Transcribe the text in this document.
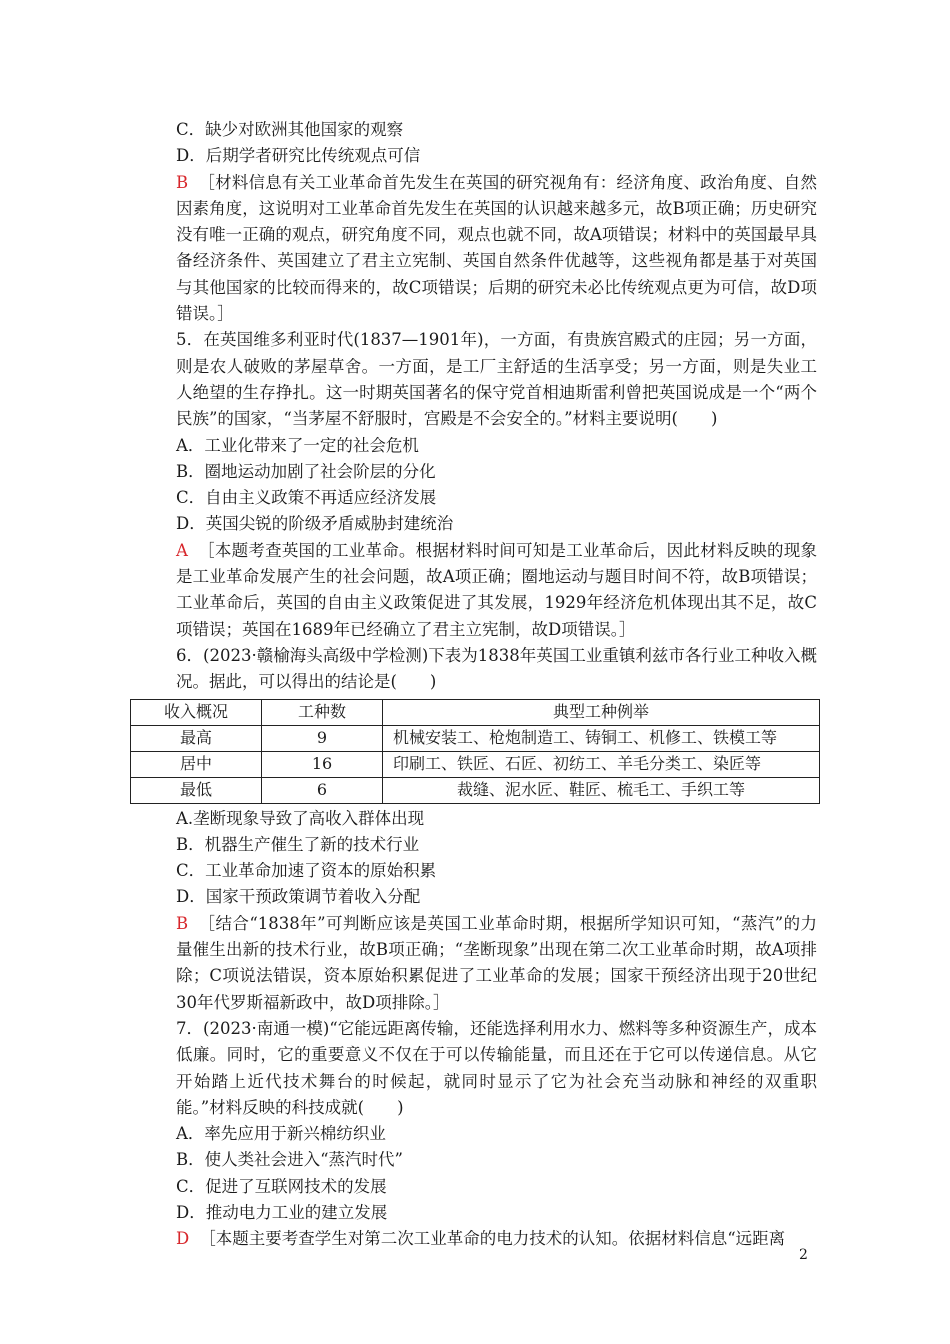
C．缺少对欧洲其他国家的观察

D．后期学者研究比传统观点可信

B ［材料信息有关工业革命首先发生在英国的研究视角有：经济角度、政治角度、自然因素角度，这说明对工业革命首先发生在英国的认识越来越多元，故B项正确；历史研究没有唯一正确的观点，研究角度不同，观点也就不同，故A项错误；材料中的英国最早具备经济条件、英国建立了君主立宪制、英国自然条件优越等，这些视角都是基于对英国与其他国家的比较而得来的，故C项错误；后期的研究未必比传统观点更为可信，故D项错误。］

5．在英国维多利亚时代(1837—1901年)，一方面，有贵族宫殿式的庄园；另一方面，则是农人破败的茅屋草舍。一方面，是工厂主舒适的生活享受；另一方面，则是失业工人绝望的生存挣扎。这一时期英国著名的保守党首相迪斯雷利曾把英国说成是一个“两个民族”的国家，“当茅屋不舒服时，宫殿是不会安全的。”材料主要说明(　　)

A．工业化带来了一定的社会危机

B．圈地运动加剧了社会阶层的分化

C．自由主义政策不再适应经济发展

D．英国尖锐的阶级矛盾威胁封建统治

A ［本题考查英国的工业革命。根据材料时间可知是工业革命后，因此材料反映的现象是工业革命发展产生的社会问题，故A项正确；圈地运动与题目时间不符，故B项错误；工业革命后，英国的自由主义政策促进了其发展，1929年经济危机体现出其不足，故C项错误；英国在1689年已经确立了君主立宪制，故D项错误。］

6．(2023·赣榆海头高级中学检测)下表为1838年英国工业重镇利兹市各行业工种收入概况。据此，可以得出的结论是(　　)

收入概况	工种数	典型工种例举
最高	9	机械安装工、枪炮制造工、铸铜工、机修工、铁模工等
居中	16	印刷工、铁匠、石匠、初纺工、羊毛分类工、染匠等
最低	6	裁缝、泥水匠、鞋匠、梳毛工、手织工等

A.垄断现象导致了高收入群体出现

B．机器生产催生了新的技术行业

C．工业革命加速了资本的原始积累

D．国家干预政策调节着收入分配

B ［结合“1838年”可判断应该是英国工业革命时期，根据所学知识可知，“蒸汽”的力量催生出新的技术行业，故B项正确；“垄断现象”出现在第二次工业革命时期，故A项排除；C项说法错误，资本原始积累促进了工业革命的发展；国家干预经济出现于20世纪30年代罗斯福新政中，故D项排除。］

7．(2023·南通一模)“它能远距离传输，还能选择利用水力、燃料等多种资源生产，成本低廉。同时，它的重要意义不仅在于可以传输能量，而且还在于它可以传递信息。从它开始踏上近代技术舞台的时候起，就同时显示了它为社会充当动脉和神经的双重职能。”材料反映的科技成就(　　)

A．率先应用于新兴棉纺织业

B．使人类社会进入“蒸汽时代”

C．促进了互联网技术的发展

D．推动电力工业的建立发展

D ［本题主要考查学生对第二次工业革命的电力技术的认知。依据材料信息“远距离

2
